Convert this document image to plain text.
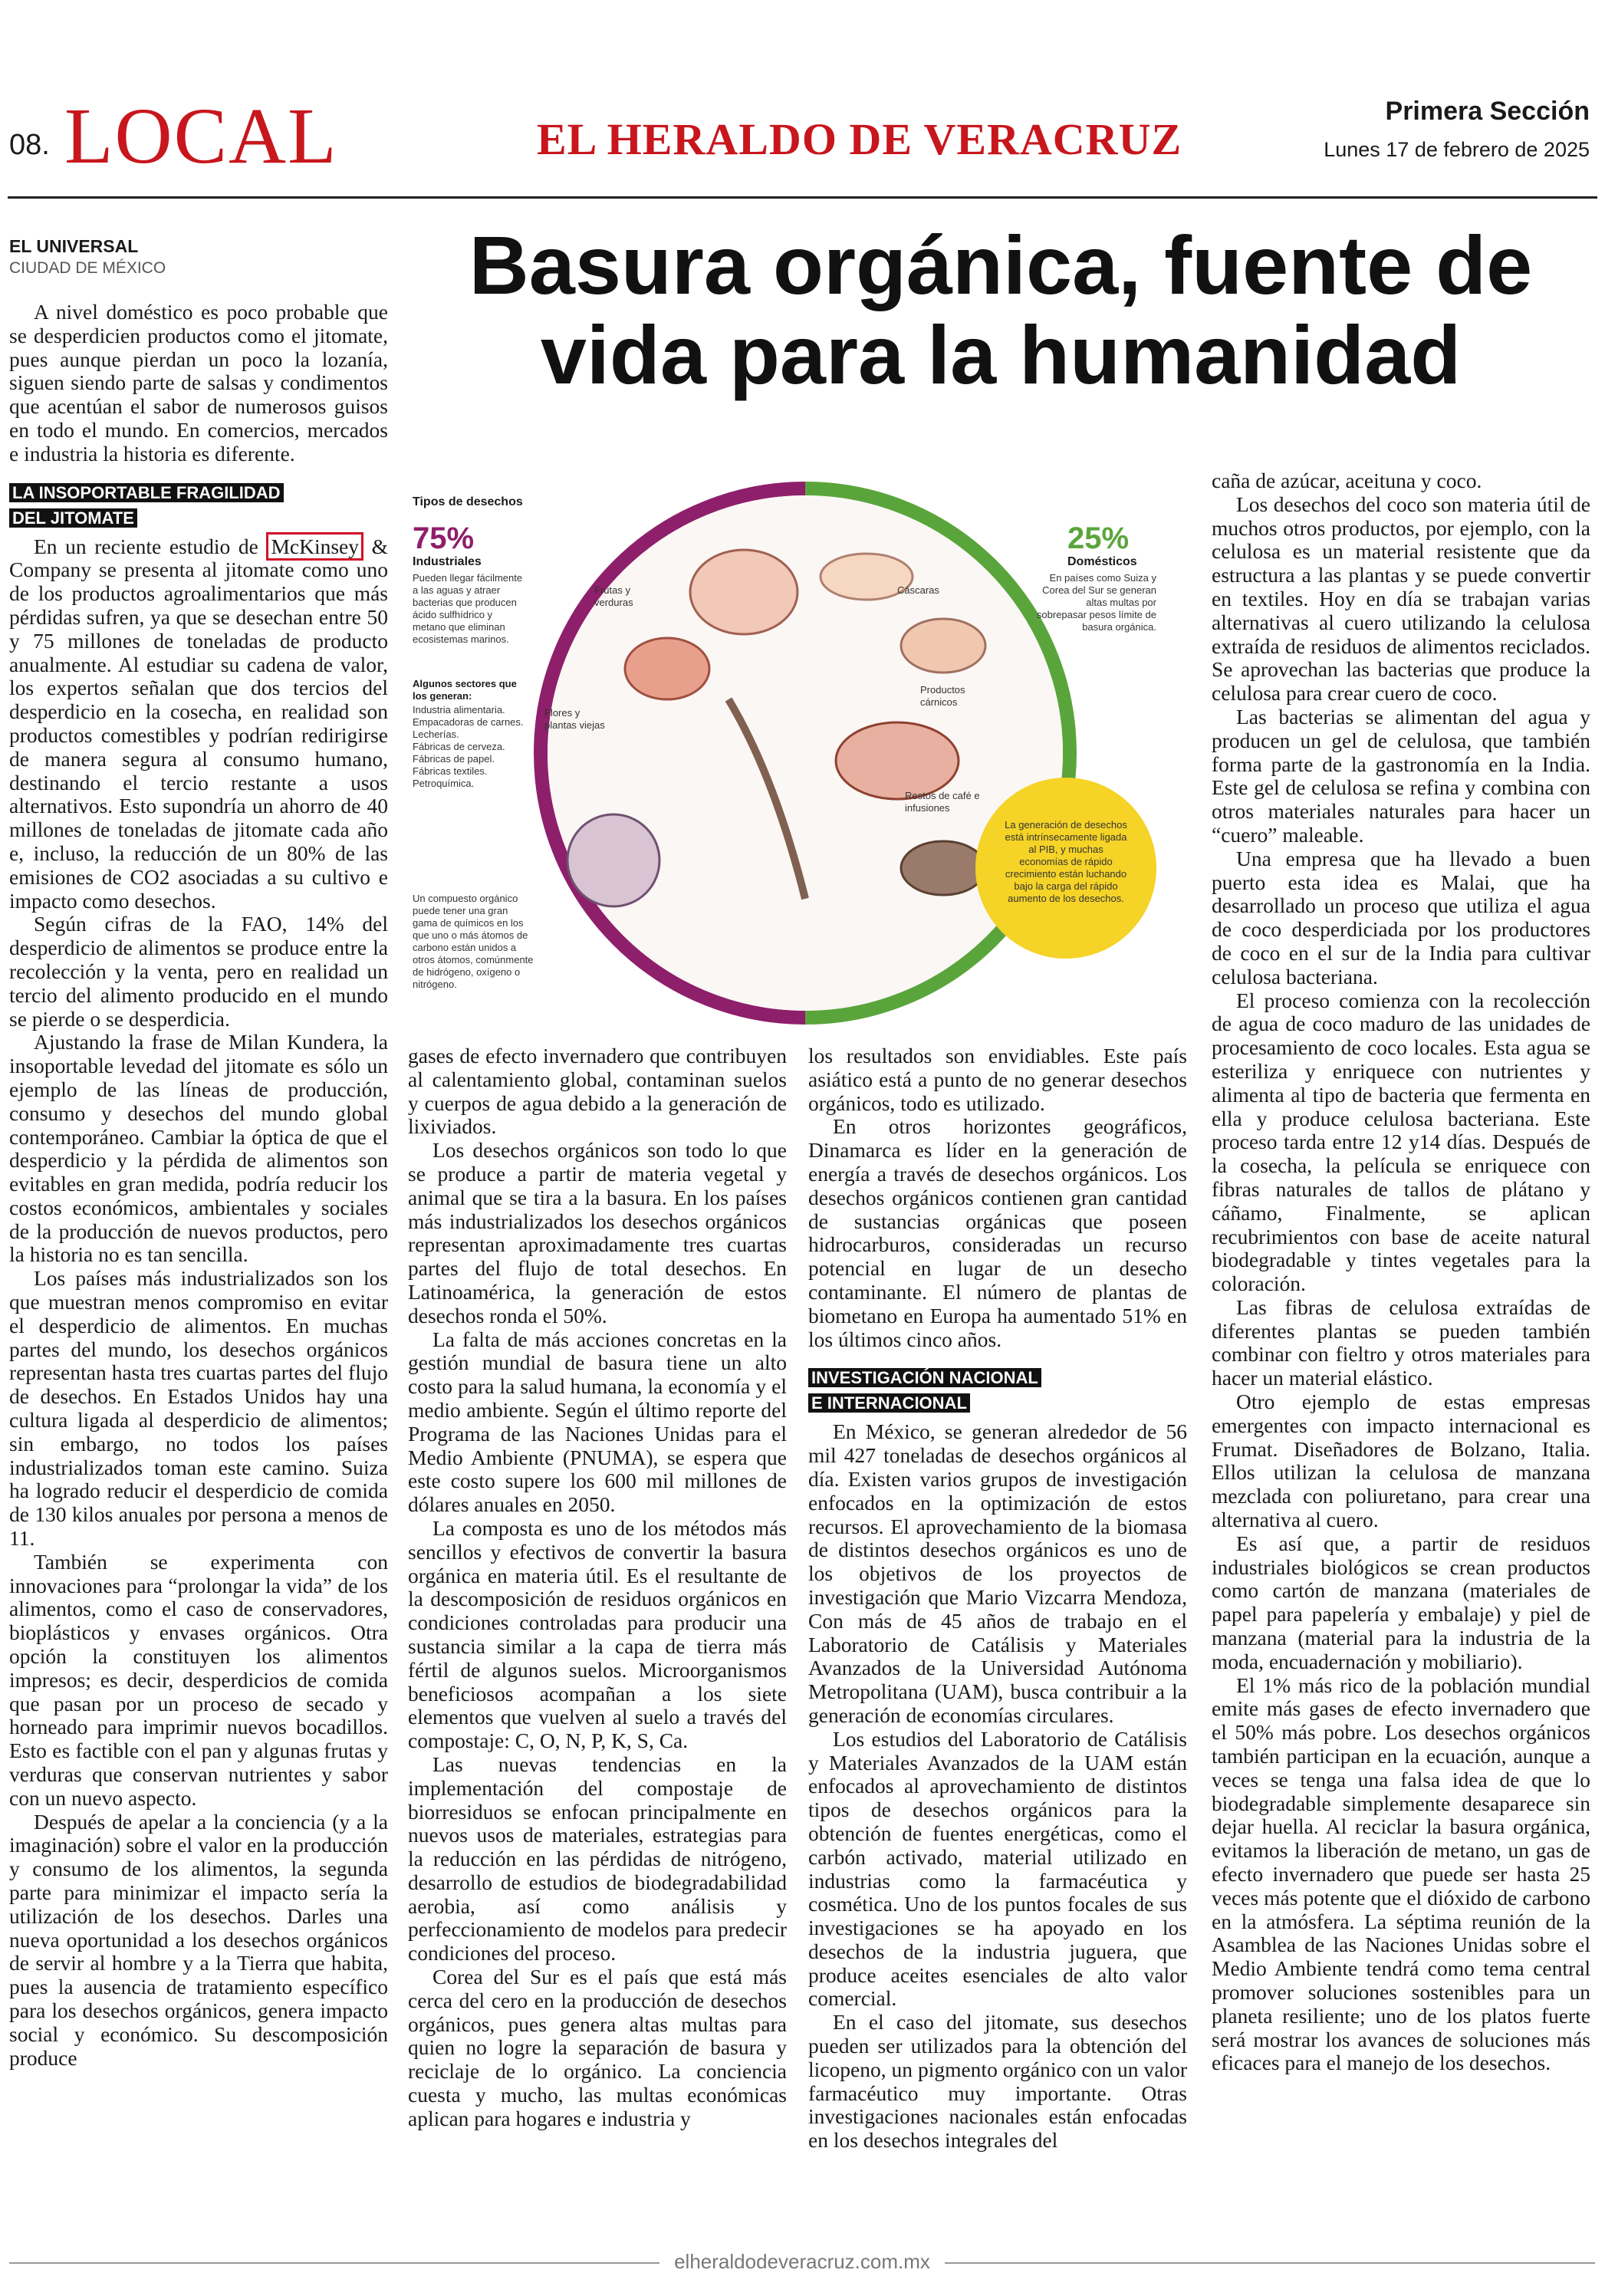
08. LOCAL	EL HERALDO DE VERACRUZ
Primera Sección
Lunes 17 de febrero de 2025
EL UNIVERSAL
CIUDAD DE MÉXICO	Basura orgánica, fuente de vida para la humanidad

A nivel doméstico es poco probable que se desperdicien productos como el jitomate, pues aunque pierdan un poco la lozanía, siguen siendo parte de salsas y condimentos que acentúan el sabor de numerosos guisos en todo el mundo. En comercios, mercados e industria la historia es diferente.

LA INSOPORTABLE FRAGILIDAD
DEL JITOMATE

En un reciente estudio de McKinsey & Company se presenta al jitomate como uno de los productos agroalimentarios que más pérdidas sufren, ya que se desechan entre 50 y 75 millones de toneladas de producto anualmente. Al estudiar su cadena de valor, los expertos señalan que dos tercios del desperdicio en la cosecha, en realidad son productos comestibles y podrían redirigirse de manera segura al consumo humano, destinando el tercio restante a usos alternativos. Esto supondría un ahorro de 40 millones de toneladas de jitomate cada año e, incluso, la reducción de un 80% de las emisiones de CO2 asociadas a su cultivo e impacto como desechos.

Según cifras de la FAO, 14% del desperdicio de alimentos se produce entre la recolección y la venta, pero en realidad un tercio del alimento producido en el mundo se pierde o se desperdicia.

Ajustando la frase de Milan Kundera, la insoportable levedad del jitomate es sólo un ejemplo de las líneas de producción, consumo y desechos del mundo global contemporáneo. Cambiar la óptica de que el desperdicio y la pérdida de alimentos son evitables en gran medida, podría reducir los costos económicos, ambientales y sociales de la producción de nuevos productos, pero la historia no es tan sencilla.

Los países más industrializados son los que muestran menos compromiso en evitar el desperdicio de alimentos. En muchas partes del mundo, los desechos orgánicos representan hasta tres cuartas partes del flujo de desechos. En Estados Unidos hay una cultura ligada al desperdicio de alimentos; sin embargo, no todos los países industrializados toman este camino. Suiza ha logrado reducir el desperdicio de comida de 130 kilos anuales por persona a menos de 11.

También se experimenta con innovaciones para “prolongar la vida” de los alimentos, como el caso de conservadores, bioplásticos y envases orgánicos. Otra opción la constituyen los alimentos impresos; es decir, desperdicios de comida que pasan por un proceso de secado y horneado para imprimir nuevos bocadillos. Esto es factible con el pan y algunas frutas y verduras que conservan nutrientes y sabor con un nuevo aspecto.

Después de apelar a la conciencia (y a la imaginación) sobre el valor en la producción y consumo de los alimentos, la segunda parte para minimizar el impacto sería la utilización de los desechos. Darles una nueva oportunidad a los desechos orgánicos de servir al hombre y a la Tierra que habita, pues la ausencia de tratamiento específico para los desechos orgánicos, genera impacto social y económico. Su descomposición produce

Tipos de desechos
75%
Industriales
Pueden llegar fácilmente a las aguas y atraer bacterias que producen ácido sulfhídrico y metano que eliminan ecosistemas marinos.
Algunos sectores que los generan:
Industria alimentaria.
Empacadoras de carnes.
Lecherías.
Fábricas de cerveza.
Fábricas de papel.
Fábricas textiles.
Petroquímica.
Un compuesto orgánico puede tener una gran gama de químicos en los que uno o más átomos de carbono están unidos a otros átomos, comúnmente de hidrógeno, oxígeno o nitrógeno.
25%
Domésticos
En países como Suiza y Corea del Sur se generan altas multas por sobrepasar pesos límite de basura orgánica.
Frutas y verduras
Cáscaras
Productos cárnicos
Flores y plantas viejas
Restos de café e infusiones
La generación de desechos está intrínsecamente ligada al PIB, y muchas economías de rápido crecimiento están luchando bajo la carga del rápido aumento de los desechos.

gases de efecto invernadero que contribuyen al calentamiento global, contaminan suelos y cuerpos de agua debido a la generación de lixiviados.

Los desechos orgánicos son todo lo que se produce a partir de materia vegetal y animal que se tira a la basura. En los países más industrializados los desechos orgánicos representan aproximadamente tres cuartas partes del flujo de total desechos. En Latinoamérica, la generación de estos desechos ronda el 50%.

La falta de más acciones concretas en la gestión mundial de basura tiene un alto costo para la salud humana, la economía y el medio ambiente. Según el último reporte del Programa de las Naciones Unidas para el Medio Ambiente (PNUMA), se espera que este costo supere los 600 mil millones de dólares anuales en 2050.

La composta es uno de los métodos más sencillos y efectivos de convertir la basura orgánica en materia útil. Es el resultante de la descomposición de residuos orgánicos en condiciones controladas para producir una sustancia similar a la capa de tierra más fértil de algunos suelos. Microorganismos beneficiosos acompañan a los siete elementos que vuelven al suelo a través del compostaje: C, O, N, P, K, S, Ca.

Las nuevas tendencias en la implementación del compostaje de biorresiduos se enfocan principalmente en nuevos usos de materiales, estrategias para la reducción en las pérdidas de nitrógeno, desarrollo de estudios de biodegradabilidad aerobia, así como análisis y perfeccionamiento de modelos para predecir condiciones del proceso.

Corea del Sur es el país que está más cerca del cero en la producción de desechos orgánicos, pues genera altas multas para quien no logre la separación de basura y reciclaje de lo orgánico. La conciencia cuesta y mucho, las multas económicas aplican para hogares e industria y

los resultados son envidiables. Este país asiático está a punto de no generar desechos orgánicos, todo es utilizado.

En otros horizontes geográficos, Dinamarca es líder en la generación de energía a través de desechos orgánicos. Los desechos orgánicos contienen gran cantidad de sustancias orgánicas que poseen hidrocarburos, consideradas un recurso potencial en lugar de un desecho contaminante. El número de plantas de biometano en Europa ha aumentado 51% en los últimos cinco años.

INVESTIGACIÓN NACIONAL
E INTERNACIONAL

En México, se generan alrededor de 56 mil 427 toneladas de desechos orgánicos al día. Existen varios grupos de investigación enfocados en la optimización de estos recursos. El aprovechamiento de la biomasa de distintos desechos orgánicos es uno de los objetivos de los proyectos de investigación que Mario Vizcarra Mendoza, Con más de 45 años de trabajo en el Laboratorio de Catálisis y Materiales Avanzados de la Universidad Autónoma Metropolitana (UAM), busca contribuir a la generación de economías circulares.

Los estudios del Laboratorio de Catálisis y Materiales Avanzados de la UAM están enfocados al aprovechamiento de distintos tipos de desechos orgánicos para la obtención de fuentes energéticas, como el carbón activado, material utilizado en industrias como la farmacéutica y cosmética. Uno de los puntos focales de sus investigaciones se ha apoyado en los desechos de la industria juguera, que produce aceites esenciales de alto valor comercial.

En el caso del jitomate, sus desechos pueden ser utilizados para la obtención del licopeno, un pigmento orgánico con un valor farmacéutico muy importante. Otras investigaciones nacionales están enfocadas en los desechos integrales del

caña de azúcar, aceituna y coco.

Los desechos del coco son materia útil de muchos otros productos, por ejemplo, con la celulosa es un material resistente que da estructura a las plantas y se puede convertir en textiles. Hoy en día se trabajan varias alternativas al cuero utilizando la celulosa extraída de residuos de alimentos reciclados. Se aprovechan las bacterias que produce la celulosa para crear cuero de coco.

Las bacterias se alimentan del agua y producen un gel de celulosa, que también forma parte de la gastronomía en la India. Este gel de celulosa se refina y combina con otros materiales naturales para hacer un “cuero” maleable.

Una empresa que ha llevado a buen puerto esta idea es Malai, que ha desarrollado un proceso que utiliza el agua de coco desperdiciada por los productores de coco en el sur de la India para cultivar celulosa bacteriana.

El proceso comienza con la recolección de agua de coco maduro de las unidades de procesamiento de coco locales. Esta agua se esteriliza y enriquece con nutrientes y alimenta al tipo de bacteria que fermenta en ella y produce celulosa bacteriana. Este proceso tarda entre 12 y14 días. Después de la cosecha, la película se enriquece con fibras naturales de tallos de plátano y cáñamo, Finalmente, se aplican recubrimientos con base de aceite natural biodegradable y tintes vegetales para la coloración.

Las fibras de celulosa extraídas de diferentes plantas se pueden también combinar con fieltro y otros materiales para hacer un material elástico.

Otro ejemplo de estas empresas emergentes con impacto internacional es Frumat. Diseñadores de Bolzano, Italia. Ellos utilizan la celulosa de manzana mezclada con poliuretano, para crear una alternativa al cuero.

Es así que, a partir de residuos industriales biológicos se crean productos como cartón de manzana (materiales de papel para papelería y embalaje) y piel de manzana (material para la industria de la moda, encuadernación y mobiliario).

El 1% más rico de la población mundial emite más gases de efecto invernadero que el 50% más pobre. Los desechos orgánicos también participan en la ecuación, aunque a veces se tenga una falsa idea de que lo biodegradable simplemente desaparece sin dejar huella. Al reciclar la basura orgánica, evitamos la liberación de metano, un gas de efecto invernadero que puede ser hasta 25 veces más potente que el dióxido de carbono en la atmósfera. La séptima reunión de la Asamblea de las Naciones Unidas sobre el Medio Ambiente tendrá como tema central promover soluciones sostenibles para un planeta resiliente; uno de los platos fuerte será mostrar los avances de soluciones más eficaces para el manejo de los desechos.

elheraldodeveracruz.com.mx
